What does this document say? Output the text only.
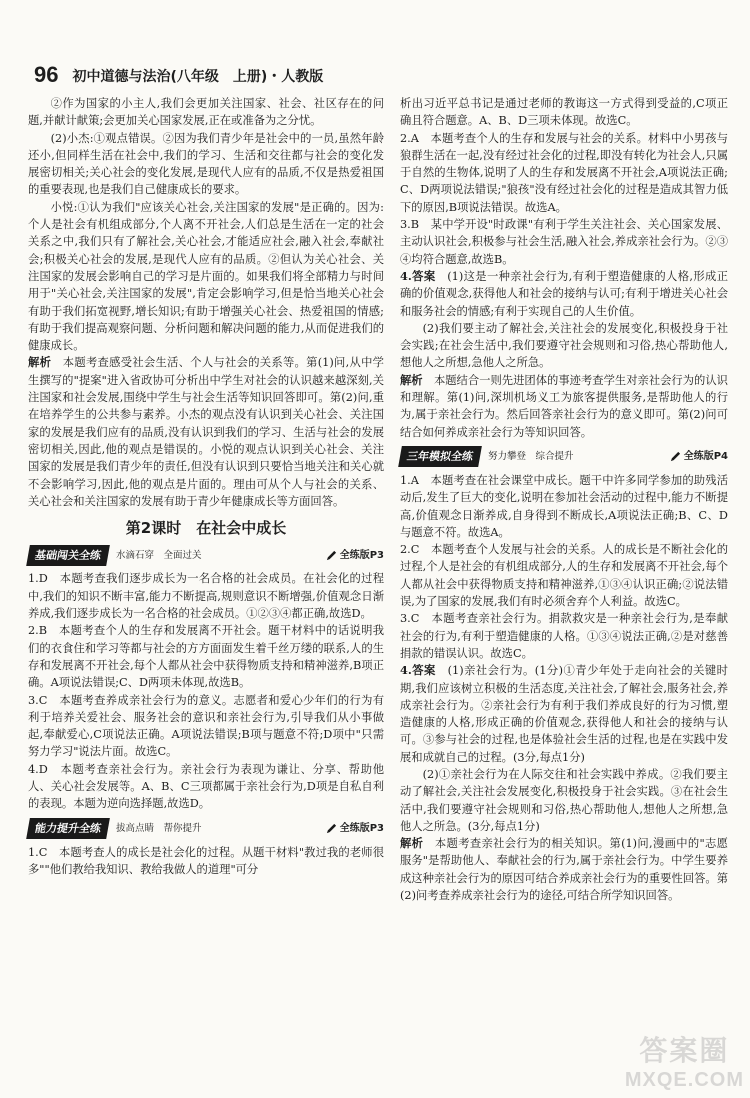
96 初中道德与法治(八年级　上册)・人教版

②作为国家的小主人,我们会更加关注国家、社会、社区存在的问题,并献计献策;会更加关心国家发展,正在或准备为之分忧。

(2)小杰:①观点错误。②因为我们青少年是社会中的一员,虽然年龄还小,但同样生活在社会中,我们的学习、生活和交往都与社会的变化发展密切相关;关心社会的变化发展,是现代人应有的品质,不仅是热爱祖国的重要表现,也是我们自己健康成长的要求。

小悦:①认为我们"应该关心社会,关注国家的发展"是正确的。因为:个人是社会有机组成部分,个人离不开社会,人们总是生活在一定的社会关系之中,我们只有了解社会,关心社会,才能适应社会,融入社会,奉献社会;积极关心社会的发展,是现代人应有的品质。②但认为关心社会、关注国家的发展会影响自己的学习是片面的。如果我们将全部精力与时间用于"关心社会,关注国家的发展",肯定会影响学习,但是恰当地关心社会有助于我们拓宽视野,增长知识;有助于增强关心社会、热爱祖国的情感;有助于我们提高观察问题、分析问题和解决问题的能力,从而促进我们的健康成长。

解析　 本题考查感受社会生活、个人与社会的关系等。第(1)问,从中学生撰写的"提案"进入省政协可分析出中学生对社会的认识越来越深刻,关注国家和社会发展,围绕中学生与社会生活等知识回答即可。第(2)问,重在培养学生的公共参与素养。小杰的观点没有认识到关心社会、关注国家的发展是我们应有的品质,没有认识到我们的学习、生活与社会的发展密切相关,因此,他的观点是错误的。小悦的观点认识到关心社会、关注国家的发展是我们青少年的责任,但没有认识到只要恰当地关注和关心就不会影响学习,因此,他的观点是片面的。理由可从个人与社会的关系、关心社会和关注国家的发展有助于青少年健康成长等方面回答。

第2课时　在社会中成长
基础闯关全练	水滴石穿　全面过关	全练版P3

1.D　本题考查我们逐步成长为一名合格的社会成员。在社会化的过程中,我们的知识不断丰富,能力不断提高,规则意识不断增强,价值观念日渐养成,我们逐步成长为一名合格的社会成员。①②③④都正确,故选D。

2.B　本题考查个人的生存和发展离不开社会。题干材料中的话说明我们的衣食住和学习等都与社会的方方面面发生着千丝万缕的联系,人的生存和发展离不开社会,每个人都从社会中获得物质支持和精神滋养,B项正确。A项说法错误;C、D两项未体现,故选B。

3.C　本题考查养成亲社会行为的意义。志愿者和爱心少年们的行为有利于培养关爱社会、服务社会的意识和亲社会行为,引导我们从小事做起,奉献爱心,C项说法正确。A项说法错误;B项与题意不符;D项中"只需努力学习"说法片面。故选C。

4.D　本题考查亲社会行为。亲社会行为表现为谦让、分享、帮助他人、关心社会发展等。A、B、C三项都属于亲社会行为,D项是自私自利的表现。本题为逆向选择题,故选D。

能力提升全练	拔高点睛　帮你提升	全练版P3

1.C　本题考查人的成长是社会化的过程。从题干材料"教过我的老师很多""他们教给我知识、教给我做人的道理"可分

析出习近平总书记是通过老师的教诲这一方式得到受益的,C项正确且符合题意。A、B、D三项未体现。故选C。

2.A　本题考查个人的生存和发展与社会的关系。材料中小男孩与狼群生活在一起,没有经过社会化的过程,即没有转化为社会人,只属于自然的生物体,说明了人的生存和发展离不开社会,A项说法正确;C、D两项说法错误;"狼孩"没有经过社会化的过程是造成其智力低下的原因,B项说法错误。故选A。

3.B　某中学开设"时政课"有利于学生关注社会、关心国家发展、主动认识社会,积极参与社会生活,融入社会,养成亲社会行为。②③④均符合题意,故选B。

4.答案　 (1)这是一种亲社会行为,有利于塑造健康的人格,形成正确的价值观念,获得他人和社会的接纳与认可;有利于增进关心社会和服务社会的情感;有利于实现自己的人生价值。

(2)我们要主动了解社会,关注社会的发展变化,积极投身于社会实践;在社会生活中,我们要遵守社会规则和习俗,热心帮助他人,想他人之所想,急他人之所急。

解析　 本题结合一则先进团体的事迹考查学生对亲社会行为的认识和理解。第(1)问,深圳机场义工为旅客提供服务,是帮助他人的行为,属于亲社会行为。然后回答亲社会行为的意义即可。第(2)问可结合如何养成亲社会行为等知识回答。

三年模拟全练	努力攀登　综合提升	全练版P4

1.A　本题考查在社会课堂中成长。题干中许多同学参加的助残活动后,发生了巨大的变化,说明在参加社会活动的过程中,能力不断提高,价值观念日渐养成,自身得到不断成长,A项说法正确;B、C、D与题意不符。故选A。

2.C　本题考查个人发展与社会的关系。人的成长是不断社会化的过程,个人是社会的有机组成部分,人的生存和发展离不开社会,每个人都从社会中获得物质支持和精神滋养,①③④认识正确;②说法错误,为了国家的发展,我们有时必须舍弃个人利益。故选C。

3.C　本题考查亲社会行为。捐款救灾是一种亲社会行为,是奉献社会的行为,有利于塑造健康的人格。①③④说法正确,②是对慈善捐款的错误认识。故选C。

4.答案　 (1)亲社会行为。(1分)①青少年处于走向社会的关键时期,我们应该树立积极的生活态度,关注社会,了解社会,服务社会,养成亲社会行为。②亲社会行为有利于我们养成良好的行为习惯,塑造健康的人格,形成正确的价值观念,获得他人和社会的接纳与认可。③参与社会的过程,也是体验社会生活的过程,也是在实践中发展和成就自己的过程。(3分,每点1分)

(2)①亲社会行为在人际交往和社会实践中养成。②我们要主动了解社会,关注社会发展变化,积极投身于社会实践。③在社会生活中,我们要遵守社会规则和习俗,热心帮助他人,想他人之所想,急他人之所急。(3分,每点1分)

解析　 本题考查亲社会行为的相关知识。第(1)问,漫画中的"志愿服务"是帮助他人、奉献社会的行为,属于亲社会行为。中学生要养成这种亲社会行为的原因可结合养成亲社会行为的重要性回答。第(2)问考查养成亲社会行为的途径,可结合所学知识回答。

答案圈
MXQE.COM
